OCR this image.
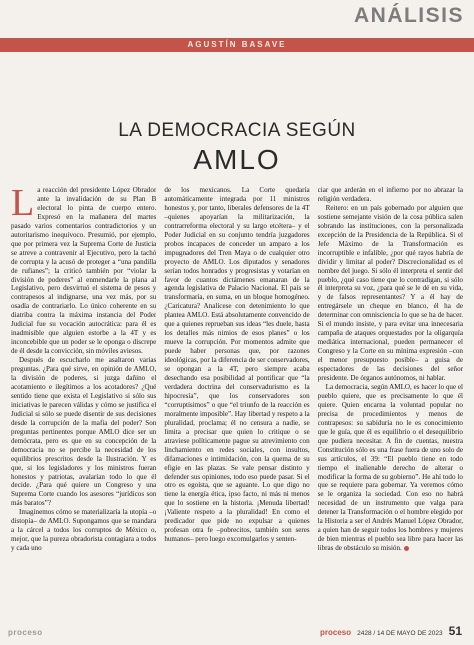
ANÁLISIS
AGUSTÍN BASAVE
LA DEMOCRACIA SEGÚN
AMLO

La reacción del presidente López Obrador ante la invalidación de su Plan B electoral lo pinta de cuerpo entero. Expresó en la mañanera del martes pasado varios comentarios contradictorios y un autoritarismo inequívoco. Presumió, por ejemplo, que por primera vez la Suprema Corte de Justicia se atreve a contravenir al Ejecutivo, pero la tachó de corrupta y la acusó de proteger a “una pandilla de rufianes”; la criticó también por “violar la división de poderes” al enmendarle la plana al Legislativo, pero desvirtuó el sistema de pesos y contrapesos al indignarse, una vez más, por su osadía de contrariarlo. Lo único coherente en su diatriba contra la máxima instancia del Poder Judicial fue su vocación autocrática: para él es inadmisible que alguien estorbe a la 4T y es inconcebible que un poder se le oponga o discrepe de él desde la convicción, sin móviles aviesos.

Después de escucharlo me asaltaron varias preguntas. ¿Para qué sirve, en opinión de AMLO, la división de poderes, si juzga dañino el acotamiento e ilegítimos a los acotadores? ¿Qué sentido tiene que exista el Legislativo si sólo sus iniciativas le parecen válidas y cómo se justifica el Judicial si sólo se puede disentir de sus decisiones desde la corrupción de la mafia del poder? Son preguntas pertinentes porque AMLO dice ser un demócrata, pero es que en su concepción de la democracia no se percibe la necesidad de los equilibrios prescritos desde la Ilustración. Y es que, si los legisladores y los ministros fueran honestos y patriotas, avalarían todo lo que él decide. ¿Para qué quiere un Congreso y una Suprema Corte cuando los asesores “jurídicos son más baratos”?

Imaginemos cómo se materializaría la utopía –o distopía– de AMLO. Supongamos que se mandara a la cárcel a todos los corruptos de México o, mejor, que la pureza obradorista contagiara a todos y cada uno

de los mexicanos. La Corte quedaría automáticamente integrada por 11 ministros honestos y, por tanto, liberales defensores de la 4T –quienes apoyarían la militarización, la contrarreforma electoral y su largo etcétera– y el Poder Judicial en su conjunto tendría juzgadores probos incapaces de conceder un amparo a los impugnadores del Tren Maya o de cualquier otro proyecto de AMLO. Los diputados y senadores serían todos honrados y progresistas y votarían en favor de cuantos dictámenes emanaran de la agenda legislativa de Palacio Nacional. El país se transformaría, en suma, en un bloque homogéneo. ¿Caricatura? Analícese con detenimiento lo que plantea AMLO. Está absolutamente convencido de que a quienes reprueban sus ideas “les duele, hasta los detalles más nimios de esos planes” o los mueve la corrupción. Por momentos admite que puede haber personas que, por razones ideológicas, por la diferencia de ser conservadores, se opongan a la 4T, pero siempre acaba desechando esa posibilidad al pontificar que “la verdadera doctrina del conservadurismo es la hipocresía”, que los conservadores son “corruptísimos” o que “el triunfo de la reacción es moralmente imposible”. Hay libertad y respeto a la pluralidad, proclama; él no censura a nadie, se limita a precisar que quien lo critique o se atraviese políticamente pague su atrevimiento con linchamiento en redes sociales, con insultos, difamaciones e intimidación, con la quema de su efigie en las plazas. Se vale pensar distinto y defender sus opiniones, todo eso puede pasar. Si el otro es egoísta, que se aguante. Lo que digo no tiene la energía ética, ipso facto, ni más ni menos que lo sostiene en la historia. ¡Menuda libertad! ¡Valiente respeto a la pluralidad! En como el predicador que pide no expulsar a quienes profesan otra fe –pobrecitos, también son seres humanos– pero luego excomulgarlos y senten-

ciar que arderán en el infierno por no abrazar la religión verdadera.

Reitero: en un país gobernado por alguien que sostiene semejante visión de la cosa pública salen sobrando las instituciones, con la personalizada excepción de la Presidencia de la República. Si el Jefe Máximo de la Transformación es incorruptible e infalible, ¿por qué rayos habría de dividir y limitar al poder? Discrecionalidad es el nombre del juego. Si sólo él interpreta el sentir del pueblo, ¿qué caso tiene que lo contradigan, si sólo él interpreta su voz, ¿para qué se le dé en su vida, y de falsos representantes? Y a él hay de entregársele un cheque en blanco, él ha de determinar con omnisciencia lo que se ha de hacer. Si el mundo insiste, y para evitar una innecesaria campaña de ataques orquestados por la oligarquía mediática internacional, pueden permanecer el Congreso y la Corte en su mínima expresión –con el menor presupuesto posible– a guisa de espectadores de las decisiones del señor presidente. De órganos autónomos, ni hablar.

La democracia, según AMLO, es hacer lo que el pueblo quiere, que es precisamente lo que él quiere. Quien encarna la voluntad popular no precisa de procedimientos y menos de contrapesos: su sabiduría no le es conocimiento que le guía, que él es equilibrio o el desequilibrio que pudiera necesitar. A fin de cuentas, nuestra Constitución sólo es una frase fuera de uno solo de sus artículos, el 39: “El pueblo tiene en todo tiempo el inalienable derecho de alterar o modificar la forma de su gobierno”. He ahí todo lo que se requiere para gobernar. Ya veremos cómo se le organiza la sociedad. Con eso no habrá necesidad de un instrumento que valga para detener la Transformación o el hombre elegido por la Historia a ser el Andrés Manuel López Obrador, a quien han de seguir todos los hombres y mujeres de bien mientras el pueblo sea libre para hacer las libras de obstáculo su misión.

proceso	proceso 2428 / 14 DE MAYO DE 2023 51
